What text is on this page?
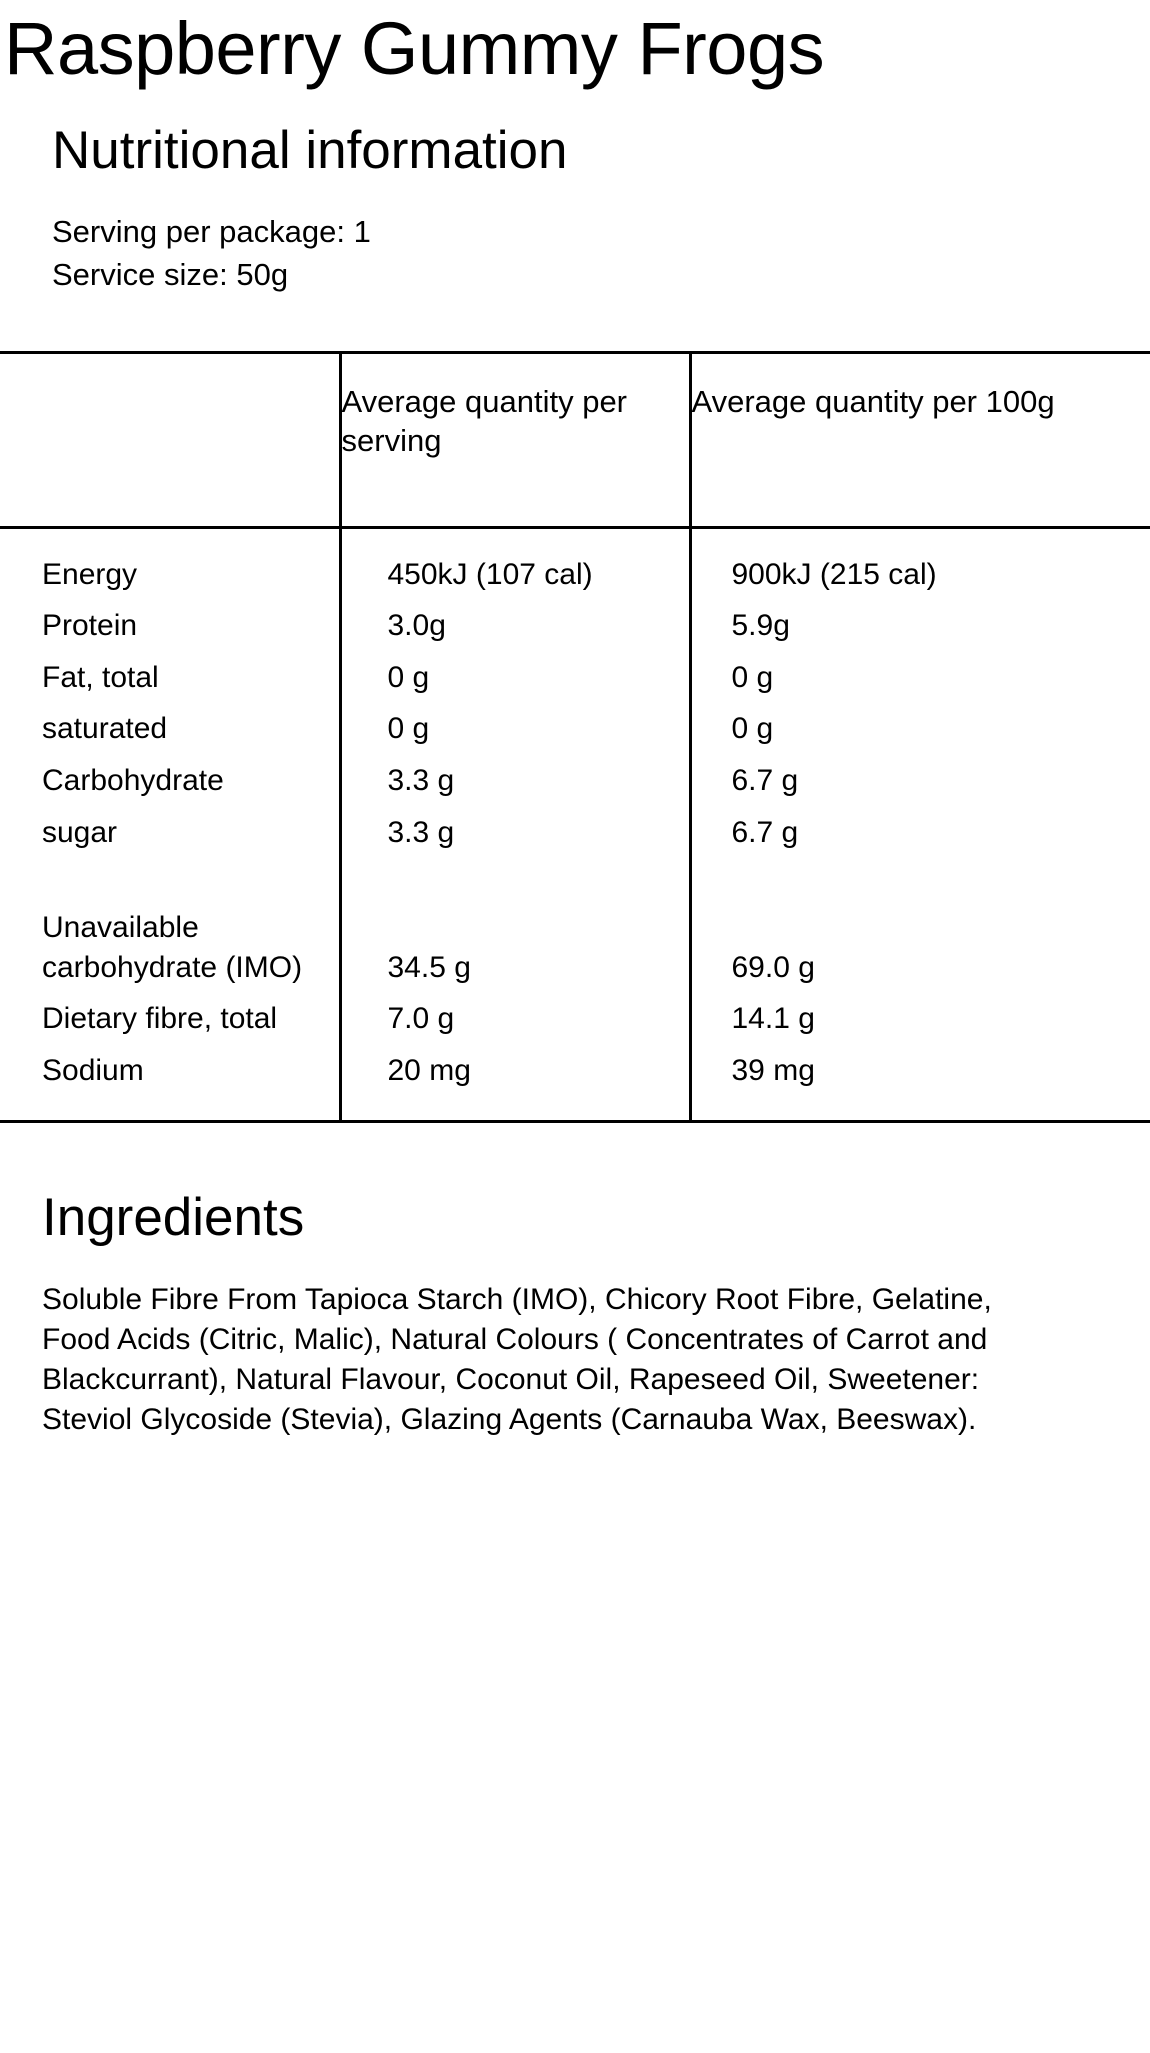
Raspberry Gummy Frogs
Nutritional information
Serving per package: 1
Service size: 50g
	Average quantity per serving	Average quantity per 100g
Energy	450kJ (107 cal)	900kJ (215 cal)
Protein	3.0g	5.9g
Fat, total	0 g	0 g
saturated	0 g	0 g
Carbohydrate	3.3 g	6.7 g
sugar	3.3 g	6.7 g

Unavailable carbohydrate (IMO)	34.5 g	69.0 g
Dietary fibre, total	7.0 g	14.1 g
Sodium	20 mg	39 mg
Ingredients
Soluble Fibre From Tapioca Starch (IMO), Chicory Root Fibre, Gelatine, Food Acids (Citric, Malic), Natural Colours ( Concentrates of Carrot and Blackcurrant), Natural Flavour, Coconut Oil, Rapeseed Oil, Sweetener: Steviol Glycoside (Stevia), Glazing Agents (Carnauba Wax, Beeswax).
